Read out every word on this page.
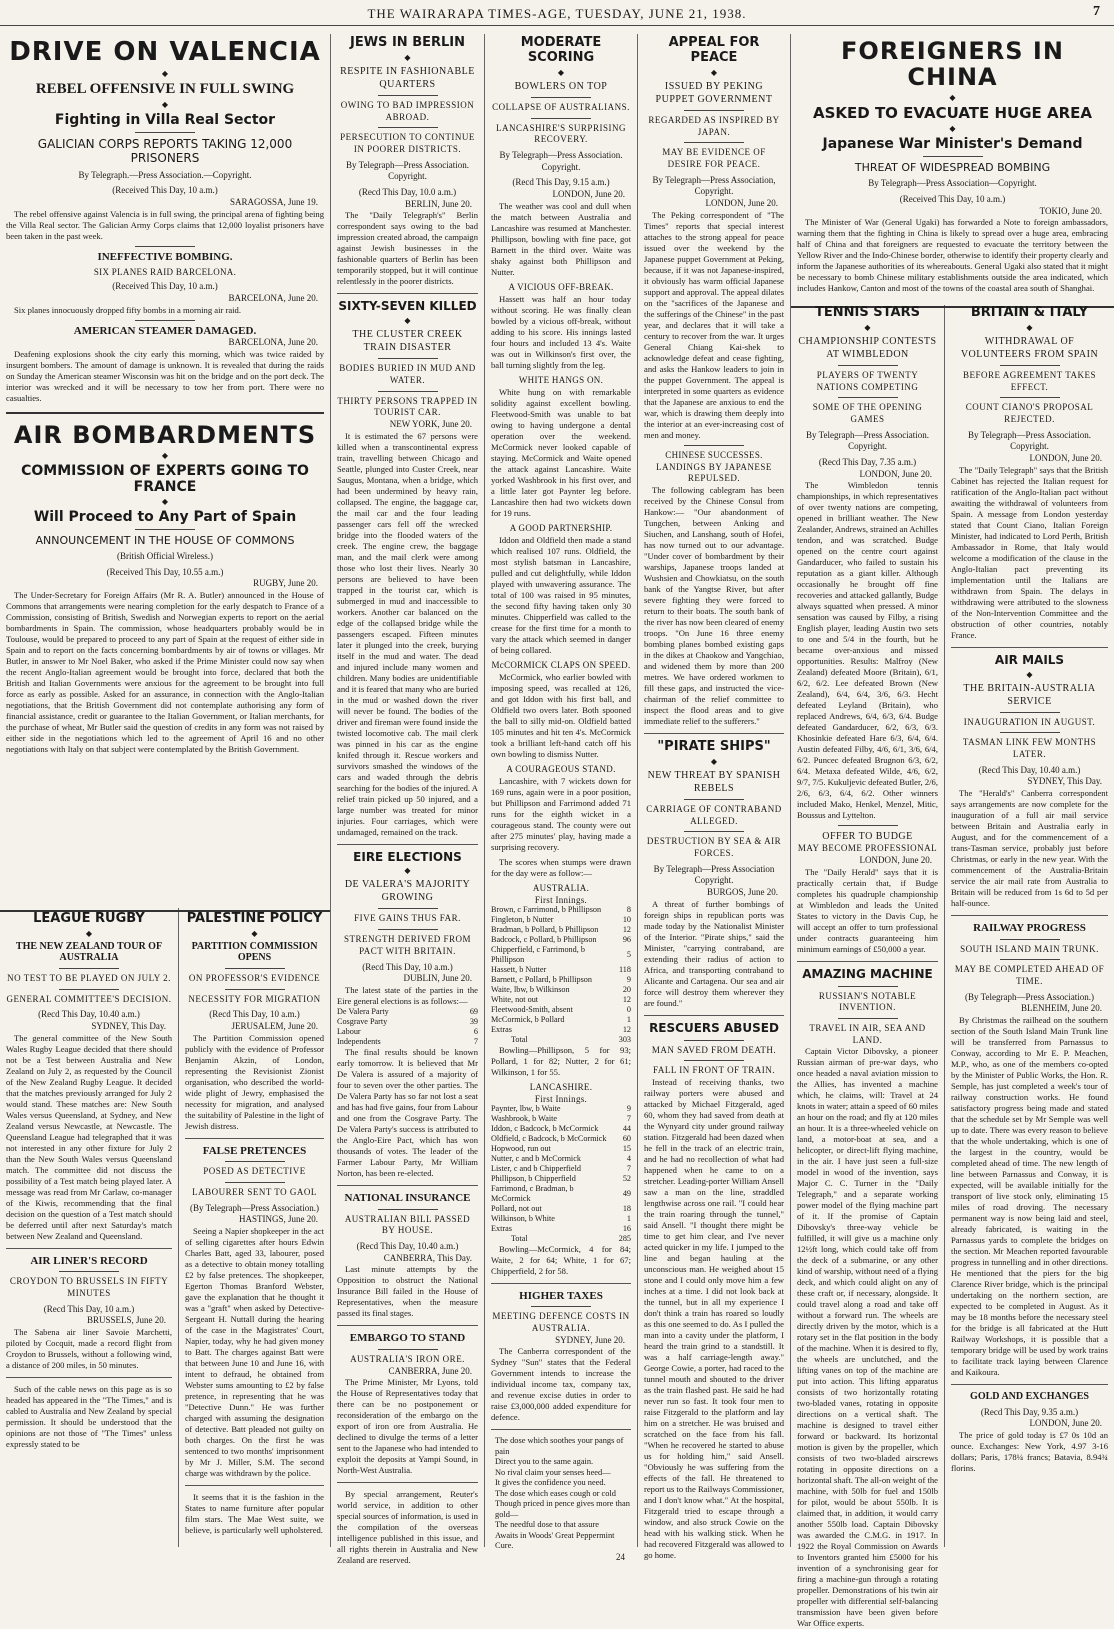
THE WAIRARAPA TIMES-AGE, TUESDAY, JUNE 21, 1938.	7
DRIVE ON VALENCIA
◆
REBEL OFFENSIVE IN FULL SWING
◆
Fighting in Villa Real Sector
GALICIAN CORPS REPORTS TAKING 12,000 PRISONERS
By Telegraph.—Press Association.—Copyright.
(Received This Day, 10 a.m.)
SARAGOSSA, June 19.
The rebel offensive against Valencia is in full swing, the principal arena of fighting being the Villa Real sector. The Galician Army Corps claims that 12,000 loyalist prisoners have been taken in the past week.
INEFFECTIVE BOMBING.
SIX PLANES RAID BARCELONA.
(Received This Day, 10 a.m.)
BARCELONA, June 20.
Six planes innocuously dropped fifty bombs in a morning air raid.
AMERICAN STEAMER DAMAGED.
BARCELONA, June 20.
Deafening explosions shook the city early this morning, which was twice raided by insurgent bombers. The amount of damage is unknown. It is revealed that during the raids on Sunday the American steamer Wisconsin was hit on the bridge and on the port deck. The interior was wrecked and it will be necessary to tow her from port. There were no casualties.
AIR BOMBARDMENTS
◆
COMMISSION OF EXPERTS GOING TO FRANCE
◆
Will Proceed to Any Part of Spain
ANNOUNCEMENT IN THE HOUSE OF COMMONS
(British Official Wireless.)
(Received This Day, 10.55 a.m.)
RUGBY, June 20.
The Under-Secretary for Foreign Affairs (Mr R. A. Butler) announced in the House of Commons that arrangements were nearing completion for the early despatch to France of a Commission, consisting of British, Swedish and Norwegian experts to report on the aerial bombardments in Spain. The commission, whose headquarters probably would be in Toulouse, would be prepared to proceed to any part of Spain at the request of either side in Spain and to report on the facts concerning bombardments by air of towns or villages. Mr Butler, in answer to Mr Noel Baker, who asked if the Prime Minister could now say when the recent Anglo-Italian agreement would be brought into force, declared that both the British and Italian Governments were anxious for the agreement to be brought into full force as early as possible. Asked for an assurance, in connection with the Anglo-Italian negotiations, that the British Government did not contemplate authorising any form of financial assistance, credit or guarantee to the Italian Government, or Italian merchants, for the purchase of wheat, Mr Butler said the question of credits in any form was not raised by either side in the negotiations which led to the agreement of April 16 and no other negotiations with Italy on that subject were contemplated by the British Government.
LEAGUE RUGBY
◆
THE NEW ZEALAND TOUR OF AUSTRALIA
NO TEST TO BE PLAYED ON JULY 2.
GENERAL COMMITTEE'S DECISION.
(Recd This Day, 10.40 a.m.)
SYDNEY, This Day.
The general committee of the New South Wales Rugby League decided that there should not be a Test between Australia and New Zealand on July 2, as requested by the Council of the New Zealand Rugby League. It decided that the matches previously arranged for July 2 would stand. These matches are: New South Wales versus Queensland, at Sydney, and New Zealand versus Newcastle, at Newcastle. The Queensland League had telegraphed that it was not interested in any other fixture for July 2 than the New South Wales versus Queensland match. The committee did not discuss the possibility of a Test match being played later. A message was read from Mr Carlaw, co-manager of the Kiwis, recommending that the final decision on the question of a Test match should be deferred until after next Saturday's match between New Zealand and Queensland.
AIR LINER'S RECORD
CROYDON TO BRUSSELS IN FIFTY MINUTES
(Recd This Day, 10 a.m.)
BRUSSELS, June 20.
The Sabena air liner Savoie Marchetti, piloted by Cocquit, made a record flight from Croydon to Brussels, without a following wind, a distance of 200 miles, in 50 minutes.
Such of the cable news on this page as is so headed has appeared in the "The Times," and is cabled to Australia and New Zealand by special permission. It should be understood that the opinions are not those of "The Times" unless expressly stated to be
PALESTINE POLICY
◆
PARTITION COMMISSION OPENS
ON PROFESSOR'S EVIDENCE
NECESSITY FOR MIGRATION
(Recd This Day, 10 a.m.)
JERUSALEM, June 20.
The Partition Commission opened publicly with the evidence of Professor Benjamin Akzin, of London, representing the Revisionist Zionist organisation, who described the world-wide plight of Jewry, emphasised the necessity for migration, and analysed the suitability of Palestine in the light of Jewish distress.
FALSE PRETENCES
POSED AS DETECTIVE
LABOURER SENT TO GAOL
(By Telegraph—Press Association.)
HASTINGS, June 20.
Seeing a Napier shopkeeper in the act of selling cigarettes after hours Edwin Charles Batt, aged 33, labourer, posed as a detective to obtain money totalling £2 by false pretences. The shopkeeper, Egerton Thomas Branford Webster, gave the explanation that he thought it was a "graft" when asked by Detective-Sergeant H. Nuttall during the hearing of the case in the Magistrates' Court, Napier, today, why he had given money to Batt. The charges against Batt were that between June 10 and June 16, with intent to defraud, he obtained from Webster sums amounting to £2 by false pretence, in representing that he was "Detective Dunn." He was further charged with assuming the designation of detective. Batt pleaded not guilty on both charges. On the first he was sentenced to two months' imprisonment by Mr J. Miller, S.M. The second charge was withdrawn by the police.
It seems that it is the fashion in the States to name furniture after popular film stars. The Mae West suite, we believe, is particularly well upholstered.
JEWS IN BERLIN
◆
RESPITE IN FASHIONABLE QUARTERS
OWING TO BAD IMPRESSION ABROAD.
PERSECUTION TO CONTINUE IN POORER DISTRICTS.
By Telegraph—Press Association. Copyright.
(Recd This Day, 10.0 a.m.)
BERLIN, June 20.
The "Daily Telegraph's" Berlin correspondent says owing to the bad impression created abroad, the campaign against Jewish businesses in the fashionable quarters of Berlin has been temporarily stopped, but it will continue relentlessly in the poorer districts.
SIXTY-SEVEN KILLED
◆
THE CLUSTER CREEK TRAIN DISASTER
BODIES BURIED IN MUD AND WATER.
THIRTY PERSONS TRAPPED IN TOURIST CAR.
NEW YORK, June 20.
It is estimated the 67 persons were killed when a transcontinental express train, travelling between Chicago and Seattle, plunged into Custer Creek, near Saugus, Montana, when a bridge, which had been undermined by heavy rain, collapsed. The engine, the baggage car, the mail car and the four leading passenger cars fell off the wrecked bridge into the flooded waters of the creek. The engine crew, the baggage man, and the mail clerk were among those who lost their lives. Nearly 30 persons are believed to have been trapped in the tourist car, which is submerged in mud and inaccessible to workers. Another car balanced on the edge of the collapsed bridge while the passengers escaped. Fifteen minutes later it plunged into the creek, burying itself in the mud and water. The dead and injured include many women and children. Many bodies are unidentifiable and it is feared that many who are buried in the mud or washed down the river will never be found. The bodies of the driver and fireman were found inside the twisted locomotive cab. The mail clerk was pinned in his car as the engine knifed through it. Rescue workers and survivors smashed the windows of the cars and waded through the debris searching for the bodies of the injured. A relief train picked up 50 injured, and a large number was treated for minor injuries. Four carriages, which were undamaged, remained on the track.
EIRE ELECTIONS
◆
DE VALERA'S MAJORITY GROWING
FIVE GAINS THUS FAR.
STRENGTH DERIVED FROM PACT WITH BRITAIN.
(Recd This Day, 10 a.m.)
DUBLIN, June 20.
The latest state of the parties in the Eire general elections is as follows:—
De Valera Party	69
Cosgrave Party	39
Labour	6
Independents	7
The final results should be known early tomorrow. It is believed that Mr De Valera is assured of a majority of four to seven over the other parties. The De Valera Party has so far not lost a seat and has had five gains, four from Labour and one from the Cosgrave Party. The De Valera Party's success is attributed to the Anglo-Eire Pact, which has won thousands of votes. The leader of the Farmer Labour Party, Mr William Norton, has been re-elected.
NATIONAL INSURANCE
AUSTRALIAN BILL PASSED BY HOUSE.
(Recd This Day, 10.40 a.m.)
CANBERRA, This Day.
Last minute attempts by the Opposition to obstruct the National Insurance Bill failed in the House of Representatives, when the measure passed its final stages.
EMBARGO TO STAND
AUSTRALIA'S IRON ORE.
CANBERRA, June 20.
The Prime Minister, Mr Lyons, told the House of Representatives today that there can be no postponement or reconsideration of the embargo on the export of iron ore from Australia. He declined to divulge the terms of a letter sent to the Japanese who had intended to exploit the deposits at Yampi Sound, in North-West Australia.
By special arrangement, Reuter's world service, in addition to other special sources of information, is used in the compilation of the overseas intelligence published in this issue, and all rights therein in Australia and New Zealand are reserved.
MODERATE SCORING
◆
BOWLERS ON TOP
COLLAPSE OF AUSTRALIANS.
LANCASHIRE'S SURPRISING RECOVERY.
By Telegraph—Press Association. Copyright.
(Recd This Day, 9.15 a.m.)
LONDON, June 20.
The weather was cool and dull when the match between Australia and Lancashire was resumed at Manchester. Phillipson, bowling with fine pace, got Barnett in the third over. Waite was shaky against both Phillipson and Nutter.
A VICIOUS OFF-BREAK.
Hassett was half an hour today without scoring. He was finally clean bowled by a vicious off-break, without adding to his score. His innings lasted four hours and included 13 4's. Waite was out in Wilkinson's first over, the ball turning slightly from the leg.
WHITE HANGS ON.
White hung on with remarkable solidity against excellent bowling. Fleetwood-Smith was unable to bat owing to having undergone a dental operation over the weekend. McCormick never looked capable of staying. McCormick and Waite opened the attack against Lancashire. Waite yorked Washbrook in his first over, and a little later got Paynter leg before. Lancashire then had two wickets down for 19 runs.
A GOOD PARTNERSHIP.
Iddon and Oldfield then made a stand which realised 107 runs. Oldfield, the most stylish batsman in Lancashire, pulled and cut delightfully, while Iddon played with unwavering assurance. The total of 100 was raised in 95 minutes, the second fifty having taken only 30 minutes. Chipperfield was called to the crease for the first time for a month to vary the attack which seemed in danger of being collared.
McCORMICK CLAPS ON SPEED.
McCormick, who earlier bowled with imposing speed, was recalled at 126, and got Iddon with his first ball, and Oldfield two overs later. Both spooned the ball to silly mid-on. Oldfield batted 105 minutes and hit ten 4's. McCormick took a brilliant left-hand catch off his own bowling to dismiss Nutter.
A COURAGEOUS STAND.
Lancashire, with 7 wickets down for 169 runs, again were in a poor position, but Phillipson and Farrimond added 71 runs for the eighth wicket in a courageous stand. The county were out after 275 minutes' play, having made a surprising recovery.
The scores when stumps were drawn for the day were as follow:—
AUSTRALIA.
First Innings.
Brown, c Farrimond, b Phillipson	8
Fingleton, b Nutter	10
Bradman, b Pollard, b Phillipson	12
Badcock, c Pollard, b Phillipson	96
Chipperfield, c Farrimond, b Phillipson	5
Hassett, b Nutter	118
Barnett, c Pollard, b Phillipson	9
Waite, lbw, b Wilkinson	20
White, not out	12
Fleetwood-Smith, absent	0
McCormick, b Pollard	1
Extras	12
Total	303
Bowling—Phillipson, 5 for 93; Pollard, 1 for 82; Nutter, 2 for 61; Wilkinson, 1 for 55.
LANCASHIRE.
First Innings.
Paynter, lbw, b Waite	9
Washbrook, b Waite	7
Iddon, c Badcock, b McCormick	44
Oldfield, c Badcock, b McCormick	60
Hopwood, run out	15
Nutter, c and b McCormick	4
Lister, c and b Chipperfield	7
Phillipson, b Chipperfield	52
Farrimond, c Bradman, b McCormick	49
Pollard, not out	18
Wilkinson, b White	1
Extras	16
Total	285
Bowling—McCormick, 4 for 84; Waite, 2 for 64; White, 1 for 67; Chipperfield, 2 for 58.
HIGHER TAXES
MEETING DEFENCE COSTS IN AUSTRALIA.
SYDNEY, June 20.
The Canberra correspondent of the Sydney "Sun" states that the Federal Government intends to increase the individual income tax, company tax, and revenue excise duties in order to raise £3,000,000 added expenditure for defence.
The dose which soothes your pangs of pain
Direct you to the same again.
No rival claim your senses heed—
It gives the confidence you need.
The dose which eases cough or cold
Though priced in pence gives more than gold—
The needful dose to that assure
Awaits in Woods' Great Peppermint Cure.
24
APPEAL FOR PEACE
◆
ISSUED BY PEKING PUPPET GOVERNMENT
REGARDED AS INSPIRED BY JAPAN.
MAY BE EVIDENCE OF DESIRE FOR PEACE.
By Telegraph—Press Association, Copyright.
LONDON, June 20.
The Peking correspondent of "The Times" reports that special interest attaches to the strong appeal for peace issued over the weekend by the Japanese puppet Government at Peking, because, if it was not Japanese-inspired, it obviously has warm official Japanese support and approval. The appeal dilates on the "sacrifices of the Japanese and the sufferings of the Chinese" in the past year, and declares that it will take a century to recover from the war. It urges General Chiang Kai-shek to acknowledge defeat and cease fighting, and asks the Hankow leaders to join in the puppet Government. The appeal is interpreted in some quarters as evidence that the Japanese are anxious to end the war, which is drawing them deeply into the interior at an ever-increasing cost of men and money.
CHINESE SUCCESSES.
LANDINGS BY JAPANESE REPULSED.
The following cablegram has been received by the Chinese Consul from Hankow:— "Our abandonment of Tungchen, between Anking and Siuchen, and Lanshang, south of Hofei, has now turned out to our advantage. "Under cover of bombardment by their warships, Japanese troops landed at Wushsien and Chowkiatsu, on the south bank of the Yangtse River, but after severe fighting they were forced to return to their boats. The south bank of the river has now been cleared of enemy troops. "On June 16 three enemy bombing planes bombed existing gaps in the dikes at Chaokow and Yangchiao, and widened them by more than 200 metres. We have ordered workmen to fill these gaps, and instructed the vice-chairman of the relief committee to inspect the flood areas and to give immediate relief to the sufferers."
"PIRATE SHIPS"
◆
NEW THREAT BY SPANISH REBELS
CARRIAGE OF CONTRABAND ALLEGED.
DESTRUCTION BY SEA & AIR FORCES.
By Telegraph—Press Association Copyright.
BURGOS, June 20.
A threat of further bombings of foreign ships in republican ports was made today by the Nationalist Minister of the Interior. "Pirate ships," said the Minister, "carrying contraband, are extending their radius of action to Africa, and transporting contraband to Alicante and Cartagena. Our sea and air force will destroy them wherever they are found."
RESCUERS ABUSED
MAN SAVED FROM DEATH.
FALL IN FRONT OF TRAIN.
Instead of receiving thanks, two railway porters were abused and attacked by Michael Fitzgerald, aged 60, whom they had saved from death at the Wynyard city under ground railway station. Fitzgerald had been dazed when he fell in the track of an electric train, and he had no recollection of what had happened when he came to on a stretcher. Leading-porter William Ansell saw a man on the line, straddled lengthwise across one rail. "I could hear the train roaring through the tunnel," said Ansell. "I thought there might be time to get him clear, and I've never acted quicker in my life. I jumped to the line and began hauling at the unconscious man. He weighed about 15 stone and I could only move him a few inches at a time. I did not look back at the tunnel, but in all my experience I don't think a train has roared so loudly as this one seemed to do. As I pulled the man into a cavity under the platform, I heard the train grind to a standstill. It was a half carriage-length away." George Cowie, a porter, had raced to the tunnel mouth and shouted to the driver as the train flashed past. He said he had never run so fast. It took four men to raise Fitzgerald to the platform and lay him on a stretcher. He was bruised and scratched on the face from his fall. "When he recovered he started to abuse us for holding him," said Ansell. "Obviously he was suffering from the effects of the fall. He threatened to report us to the Railways Commissioner, and I don't know what." At the hospital, Fitzgerald tried to escape through a window, and also struck Cowie on the head with his walking stick. When he had recovered Fitzgerald was allowed to go home.
FOREIGNERS IN CHINA
◆
ASKED TO EVACUATE HUGE AREA
◆
Japanese War Minister's Demand
THREAT OF WIDESPREAD BOMBING
By Telegraph—Press Association—Copyright.
(Received This Day, 10 a.m.)
TOKIO, June 20.
The Minister of War (General Ugaki) has forwarded a Note to foreign ambassadors, warning them that the fighting in China is likely to spread over a huge area, embracing half of China and that foreigners are requested to evacuate the territory between the Yellow River and the Indo-Chinese border, otherwise to identify their property clearly and inform the Japanese authorities of its whereabouts. General Ugaki also stated that it might be necessary to bomb Chinese military establishments outside the area indicated, which includes Hankow, Canton and most of the towns of the coastal area south of Shanghai.
TENNIS STARS
◆
CHAMPIONSHIP CONTESTS AT WIMBLEDON
PLAYERS OF TWENTY NATIONS COMPETING
SOME OF THE OPENING GAMES
By Telegraph—Press Association. Copyright.
(Recd This Day, 7.35 a.m.)
LONDON, June 20.
The Wimbledon tennis championships, in which representatives of over twenty nations are competing, opened in brilliant weather. The New Zealander, Andrews, strained an Achilles tendon, and was scratched. Budge opened on the centre court against Gandarducer, who failed to sustain his reputation as a giant killer. Although occasionally he brought off fine recoveries and attacked gallantly, Budge always squatted when pressed. A minor sensation was caused by Filby, a rising English player, leading Austin two sets to one and 5/4 in the fourth, but he became over-anxious and missed opportunities. Results: Malfroy (New Zealand) defeated Moore (Britain), 6/1, 6/2, 6/2. Lee defeated Brown (New Zealand), 6/4, 6/4, 3/6, 6/3. Hecht defeated Leyland (Britain), who replaced Andrews, 6/4, 6/3, 6/4. Budge defeated Gandarducer, 6/2, 6/3, 6/3. Khosinkie defeated Hare 6/3, 6/4, 6/4. Austin defeated Filby, 4/6, 6/1, 3/6, 6/4, 6/2. Puncec defeated Brugnon 6/3, 6/2, 6/4. Metaxa defeated Wilde, 4/6, 6/2, 9/7, 7/5. Kukuljevic defeated Butler, 2/6, 2/6, 6/3, 6/4, 6/2. Other winners included Mako, Henkel, Menzel, Mitic, Boussus and Lyttelton.
OFFER TO BUDGE
MAY BECOME PROFESSIONAL
LONDON, June 20.
The "Daily Herald" says that it is practically certain that, if Budge completes his quadruple championship at Wimbledon and leads the United States to victory in the Davis Cup, he will accept an offer to turn professional under contracts guaranteeing him minimum earnings of £50,000 a year.
AMAZING MACHINE
RUSSIAN'S NOTABLE INVENTION.
TRAVEL IN AIR, SEA AND LAND.
Captain Victor Dibovsky, a pioneer Russian airman of pre-war days, who once headed a naval aviation mission to the Allies, has invented a machine which, he claims, will: Travel at 24 knots in water; attain a speed of 60 miles an hour on the road; and fly at 120 miles an hour. It is a three-wheeled vehicle on land, a motor-boat at sea, and a helicopter, or direct-lift flying machine, in the air. I have just seen a full-size model in wood of the invention, says Major C. C. Turner in the "Daily Telegraph," and a separate working power model of the flying machine part of it. If the promise of Captain Dibovsky's three-way vehicle be fulfilled, it will give us a machine only 12½ft long, which could take off from the deck of a submarine, or any other kind of warship, without need of a flying deck, and which could alight on any of these craft or, if necessary, alongside. It could travel along a road and take off without a forward run. The wheels are directly driven by the motor, which is a rotary set in the flat position in the body of the machine. When it is desired to fly, the wheels are unclutched, and the lifting vanes on top of the machine are put into action. This lifting apparatus consists of two horizontally rotating two-bladed vanes, rotating in opposite directions on a vertical shaft. The machine is designed to travel either forward or backward. Its horizontal motion is given by the propeller, which consists of two two-bladed airscrews rotating in opposite directions on a horizontal shaft. The all-on weight of the machine, with 50lb for fuel and 150lb for pilot, would be about 550lb. It is claimed that, in addition, it would carry another 550lb load. Captain Dibovsky was awarded the C.M.G. in 1917. In 1922 the Royal Commission on Awards to Inventors granted him £5000 for his invention of a synchronising gear for firing a machine-gun through a rotating propeller. Demonstrations of his twin air propeller with differential self-balancing transmission have been given before War Office experts.
BRITAIN & ITALY
◆
WITHDRAWAL OF VOLUNTEERS FROM SPAIN
BEFORE AGREEMENT TAKES EFFECT.
COUNT CIANO'S PROPOSAL REJECTED.
By Telegraph—Press Association. Copyright.
LONDON, June 20.
The "Daily Telegraph" says that the British Cabinet has rejected the Italian request for ratification of the Anglo-Italian pact without awaiting the withdrawal of volunteers from Spain. A message from London yesterday stated that Count Ciano, Italian Foreign Minister, had indicated to Lord Perth, British Ambassador in Rome, that Italy would welcome a modification of the clause in the Anglo-Italian pact preventing its implementation until the Italians are withdrawn from Spain. The delays in withdrawing were attributed to the slowness of the Non-Intervention Committee and the obstruction of other countries, notably France.
AIR MAILS
◆
THE BRITAIN-AUSTRALIA SERVICE
INAUGURATION IN AUGUST.
TASMAN LINK FEW MONTHS LATER.
(Recd This Day, 10.40 a.m.)
SYDNEY, This Day.
The "Herald's" Canberra correspondent says arrangements are now complete for the inauguration of a full air mail service between Britain and Australia early in August, and for the commencement of a trans-Tasman service, probably just before Christmas, or early in the new year. With the commencement of the Australia-Britain service the air mail rate from Australia to Britain will be reduced from 1s 6d to 5d per half-ounce.
RAILWAY PROGRESS
SOUTH ISLAND MAIN TRUNK.
MAY BE COMPLETED AHEAD OF TIME.
(By Telegraph—Press Association.)
BLENHEIM, June 20.
By Christmas the railhead on the southern section of the South Island Main Trunk line will be transferred from Parnassus to Conway, according to Mr E. P. Meachen, M.P., who, as one of the members co-opted by the Minister of Public Works, the Hon. R. Semple, has just completed a week's tour of railway construction works. He found satisfactory progress being made and stated that the schedule set by Mr Semple was well up to date. There was every reason to believe that the whole undertaking, which is one of the largest in the country, would be completed ahead of time. The new length of line between Parnassus and Conway, it is expected, will be available initially for the transport of live stock only, eliminating 15 miles of road droving. The necessary permanent way is now being laid and steel, already fabricated, is waiting in the Parnassus yards to complete the bridges on the section. Mr Meachen reported favourable progress in tunnelling and in other directions. He mentioned that the piers for the big Clarence River bridge, which is the principal undertaking on the northern section, are expected to be completed in August. As it may be 18 months before the necessary steel for the bridge is all fabricated at the Hutt Railway Workshops, it is possible that a temporary bridge will be used by work trains to facilitate track laying between Clarence and Kaikoura.
GOLD AND EXCHANGES
(Recd This Day, 9.35 a.m.)
LONDON, June 20.
The price of gold today is £7 0s 10d an ounce. Exchanges: New York, 4.97 3-16 dollars; Paris, 178¼ francs; Batavia, 8.94¾ florins.
